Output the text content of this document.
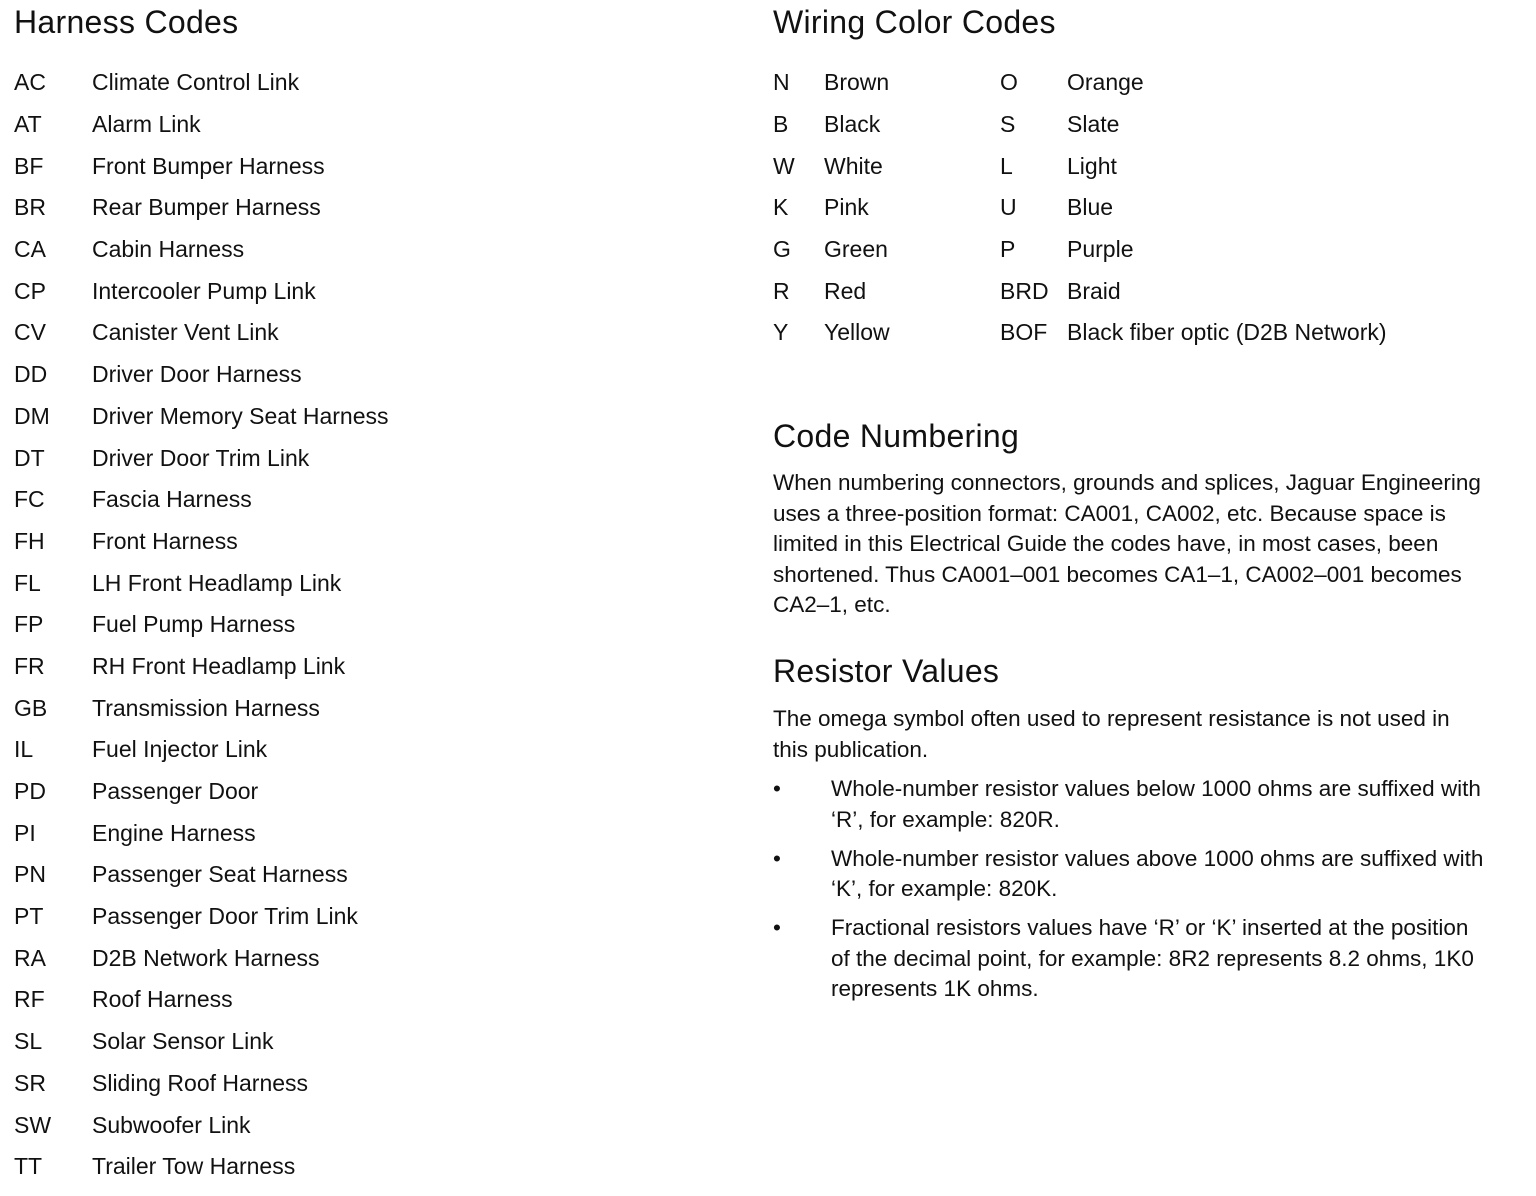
Harness Codes
AC	Climate Control Link
AT	Alarm Link
BF	Front Bumper Harness
BR	Rear Bumper Harness
CA	Cabin Harness
CP	Intercooler Pump Link
CV	Canister Vent Link
DD	Driver Door Harness
DM	Driver Memory Seat Harness
DT	Driver Door Trim Link
FC	Fascia Harness
FH	Front Harness
FL	LH Front Headlamp Link
FP	Fuel Pump Harness
FR	RH Front Headlamp Link
GB	Transmission Harness
IL	Fuel Injector Link
PD	Passenger Door
PI	Engine Harness
PN	Passenger Seat Harness
PT	Passenger Door Trim Link
RA	D2B Network Harness
RF	Roof Harness
SL	Solar Sensor Link
SR	Sliding Roof Harness
SW	Subwoofer Link
TT	Trailer Tow Harness
Wiring Color Codes
N	Brown	O	Orange
B	Black	S	Slate
W	White	L	Light
K	Pink	U	Blue
G	Green	P	Purple
R	Red	BRD Braid
Y	Yellow	BOF Black fiber optic (D2B Network)
Code Numbering

When numbering connectors, grounds and splices, Jaguar Engineering uses a three-position format: CA001, CA002, etc. Because space is limited in this Electrical Guide the codes have, in most cases, been shortened. Thus CA001–001 becomes CA1–1, CA002–001 becomes CA2–1, etc.

Resistor Values

The omega symbol often used to represent resistance is not used in this publication.

•	Whole-number resistor values below 1000 ohms are suffixed with ‘R’, for example: 820R.
•	Whole-number resistor values above 1000 ohms are suffixed with ‘K’, for example: 820K.
•	Fractional resistors values have ‘R’ or ‘K’ inserted at the position of the decimal point, for example: 8R2 represents 8.2 ohms, 1K0 represents 1K ohms.
